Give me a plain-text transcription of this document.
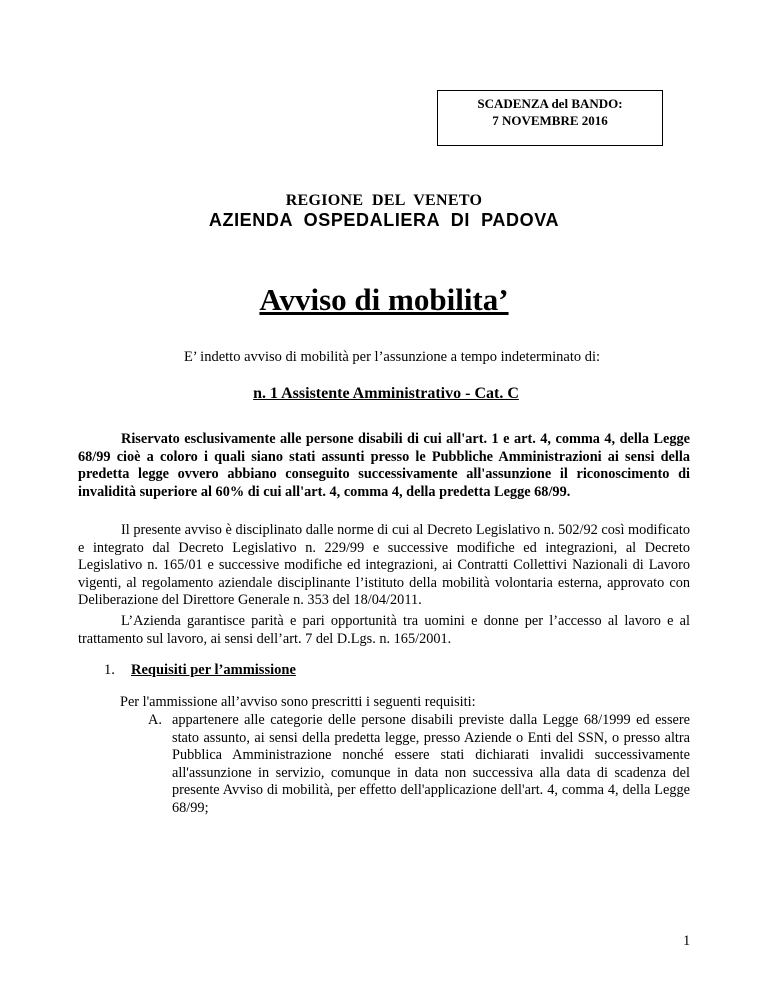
SCADENZA del BANDO:
7 NOVEMBRE 2016
REGIONE  DEL  VENETO
AZIENDA  OSPEDALIERA  DI  PADOVA
Avviso di mobilita’
E’ indetto avviso di mobilità per l’assunzione a tempo indeterminato di:
n. 1 Assistente Amministrativo - Cat. C

Riservato esclusivamente alle persone disabili di cui all'art. 1 e art. 4, comma 4, della Legge 68/99 cioè a coloro i quali siano stati assunti presso le Pubbliche Amministrazioni ai sensi della predetta legge ovvero abbiano conseguito successivamente all'assunzione il riconoscimento di invalidità superiore al 60% di cui all'art. 4, comma 4, della predetta Legge 68/99.

Il presente avviso è disciplinato dalle norme di cui al Decreto Legislativo n. 502/92 così modificato e integrato dal Decreto Legislativo n. 229/99 e successive modifiche ed integrazioni, al Decreto Legislativo n. 165/01 e successive modifiche ed integrazioni, ai Contratti Collettivi Nazionali di Lavoro vigenti, al regolamento aziendale disciplinante l’istituto della mobilità volontaria esterna, approvato con Deliberazione del Direttore Generale n. 353 del 18/04/2011.

L’Azienda garantisce parità e pari opportunità tra uomini e donne per l’accesso al lavoro e al trattamento sul lavoro, ai sensi dell’art. 7 del D.Lgs. n. 165/2001.

1. Requisiti per l’ammissione
Per l'ammissione all’avviso sono prescritti i seguenti requisiti:
A. appartenere alle categorie delle persone disabili previste dalla Legge 68/1999 ed essere stato assunto, ai sensi della predetta legge, presso Aziende o Enti del SSN, o presso altra Pubblica Amministrazione nonché essere stati dichiarati invalidi successivamente all'assunzione in servizio, comunque in data non successiva alla data di scadenza del presente Avviso di mobilità, per effetto dell'applicazione dell'art. 4, comma 4, della Legge 68/99;
1
